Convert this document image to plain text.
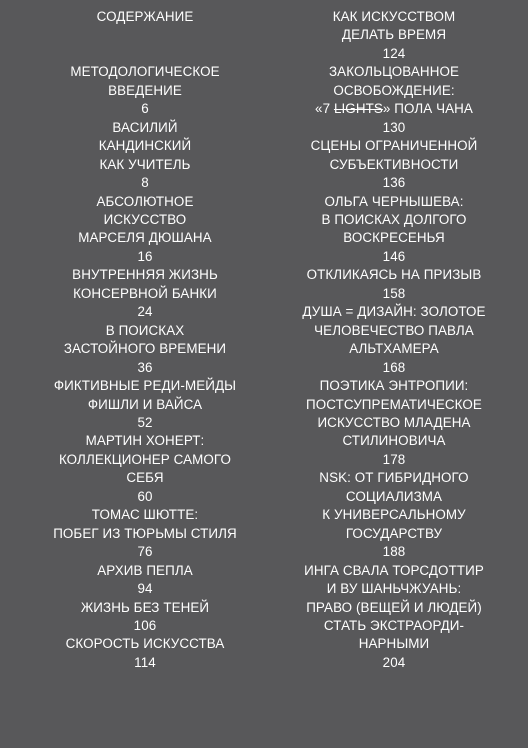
СОДЕРЖАНИЕ

МЕТОДОЛОГИЧЕСКОЕ
ВВЕДЕНИЕ
6
ВАСИЛИЙ
КАНДИНСКИЙ
КАК УЧИТЕЛЬ
8
АБСОЛЮТНОЕ
ИСКУССТВО
МАРСЕЛЯ ДЮШАНА
16
ВНУТРЕННЯЯ ЖИЗНЬ
КОНСЕРВНОЙ БАНКИ
24
В ПОИСКАХ
ЗАСТОЙНОГО ВРЕМЕНИ
36
ФИКТИВНЫЕ РЕДИ-МЕЙДЫ
ФИШЛИ И ВАЙСА
52
МАРТИН ХОНЕРТ:
КОЛЛЕКЦИОНЕР САМОГО
СЕБЯ
60
ТОМАС ШЮТТЕ:
ПОБЕГ ИЗ ТЮРЬМЫ СТИЛЯ
76
АРХИВ ПЕПЛА
94
ЖИЗНЬ БЕЗ ТЕНЕЙ
106
СКОРОСТЬ ИСКУССТВА
114
КАК ИСКУССТВОМ
ДЕЛАТЬ ВРЕМЯ
124
ЗАКОЛЬЦОВАННОЕ
ОСВОБОЖДЕНИЕ:
«7 LIGHTS» ПОЛА ЧАНА
130
СЦЕНЫ ОГРАНИЧЕННОЙ
СУБЪЕКТИВНОСТИ
136
ОЛЬГА ЧЕРНЫШЕВА:
В ПОИСКАХ ДОЛГОГО
ВОСКРЕСЕНЬЯ
146
ОТКЛИКАЯСЬ НА ПРИЗЫВ
158
ДУША = ДИЗАЙН: ЗОЛОТОЕ
ЧЕЛОВЕЧЕСТВО ПАВЛА
АЛЬТХАМЕРА
168
ПОЭТИКА ЭНТРОПИИ:
ПОСТСУПРЕМАТИЧЕСКОЕ
ИСКУССТВО МЛАДЕНА
СТИЛИНОВИЧА
178
NSK: ОТ ГИБРИДНОГО
СОЦИАЛИЗМА
К УНИВЕРСАЛЬНОМУ
ГОСУДАРСТВУ
188
ИНГА СВАЛА ТОРСДОТТИР
И ВУ ШАНЬЧЖУАНЬ:
ПРАВО (ВЕЩЕЙ И ЛЮДЕЙ)
СТАТЬ ЭКСТРАОРДИ-
НАРНЫМИ
204
